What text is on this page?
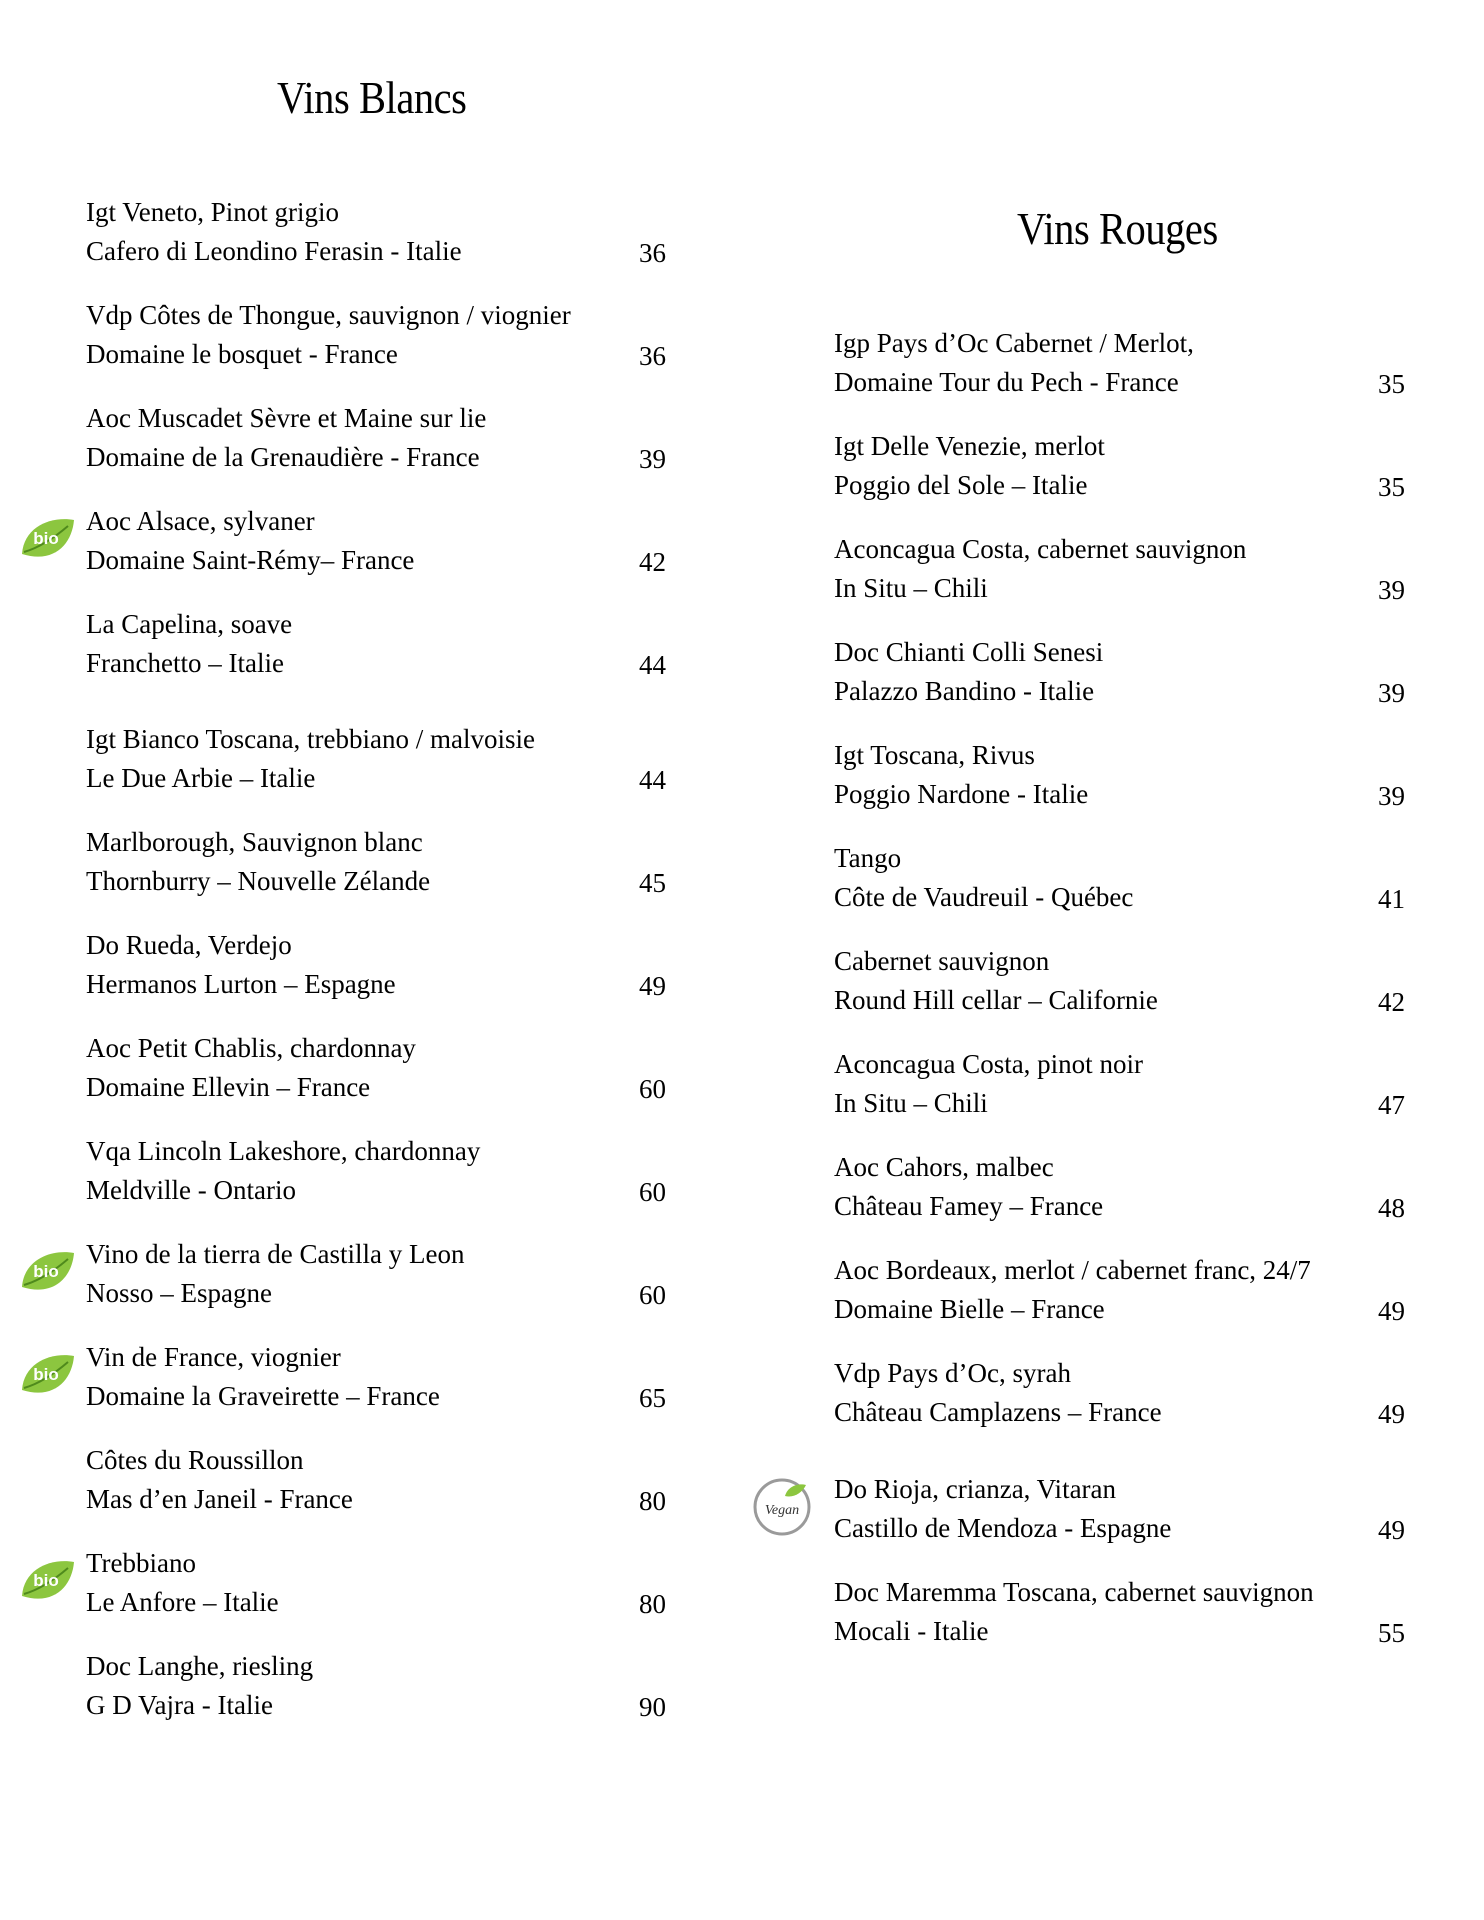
Vins Blancs
Vins Rouges
Igt Veneto, Pinot grigio
Cafero di Leondino Ferasin - Italie	36
Vdp Côtes de Thongue, sauvignon / viognier
Domaine le bosquet - France	36
Aoc Muscadet Sèvre et Maine sur lie
Domaine de la Grenaudière - France	39
Aoc Alsace, sylvaner
Domaine Saint-Rémy– France	42
bio
La Capelina, soave
Franchetto – Italie	44
Igt Bianco Toscana, trebbiano / malvoisie
Le Due Arbie – Italie	44
Marlborough, Sauvignon blanc
Thornburry – Nouvelle Zélande	45
Do Rueda, Verdejo
Hermanos Lurton – Espagne	49
Aoc Petit Chablis, chardonnay
Domaine Ellevin – France	60
Vqa Lincoln Lakeshore, chardonnay
Meldville - Ontario	60
Vino de la tierra de Castilla y Leon
Nosso – Espagne	60
bio
Vin de France, viognier
Domaine la Graveirette – France	65
bio
Côtes du Roussillon
Mas d’en Janeil - France	80
Trebbiano
Le Anfore – Italie	80
bio
Doc Langhe, riesling
G D Vajra - Italie	90
Igp Pays d’Oc Cabernet / Merlot,
Domaine Tour du Pech - France	35
Igt Delle Venezie, merlot
Poggio del Sole – Italie	35
Aconcagua Costa, cabernet sauvignon
In Situ – Chili	39
Doc Chianti Colli Senesi
Palazzo Bandino - Italie	39
Igt Toscana, Rivus
Poggio Nardone - Italie	39
Tango
Côte de Vaudreuil - Québec	41
Cabernet sauvignon
Round Hill cellar – Californie	42
Aconcagua Costa, pinot noir
In Situ – Chili	47
Aoc Cahors, malbec
Château Famey – France	48
Aoc Bordeaux, merlot / cabernet franc, 24/7
Domaine Bielle – France	49
Vdp Pays d’Oc, syrah
Château Camplazens – France	49
Do Rioja, crianza, Vitaran
Castillo de Mendoza - Espagne	49
Vegan
Doc Maremma Toscana, cabernet sauvignon
Mocali - Italie	55
